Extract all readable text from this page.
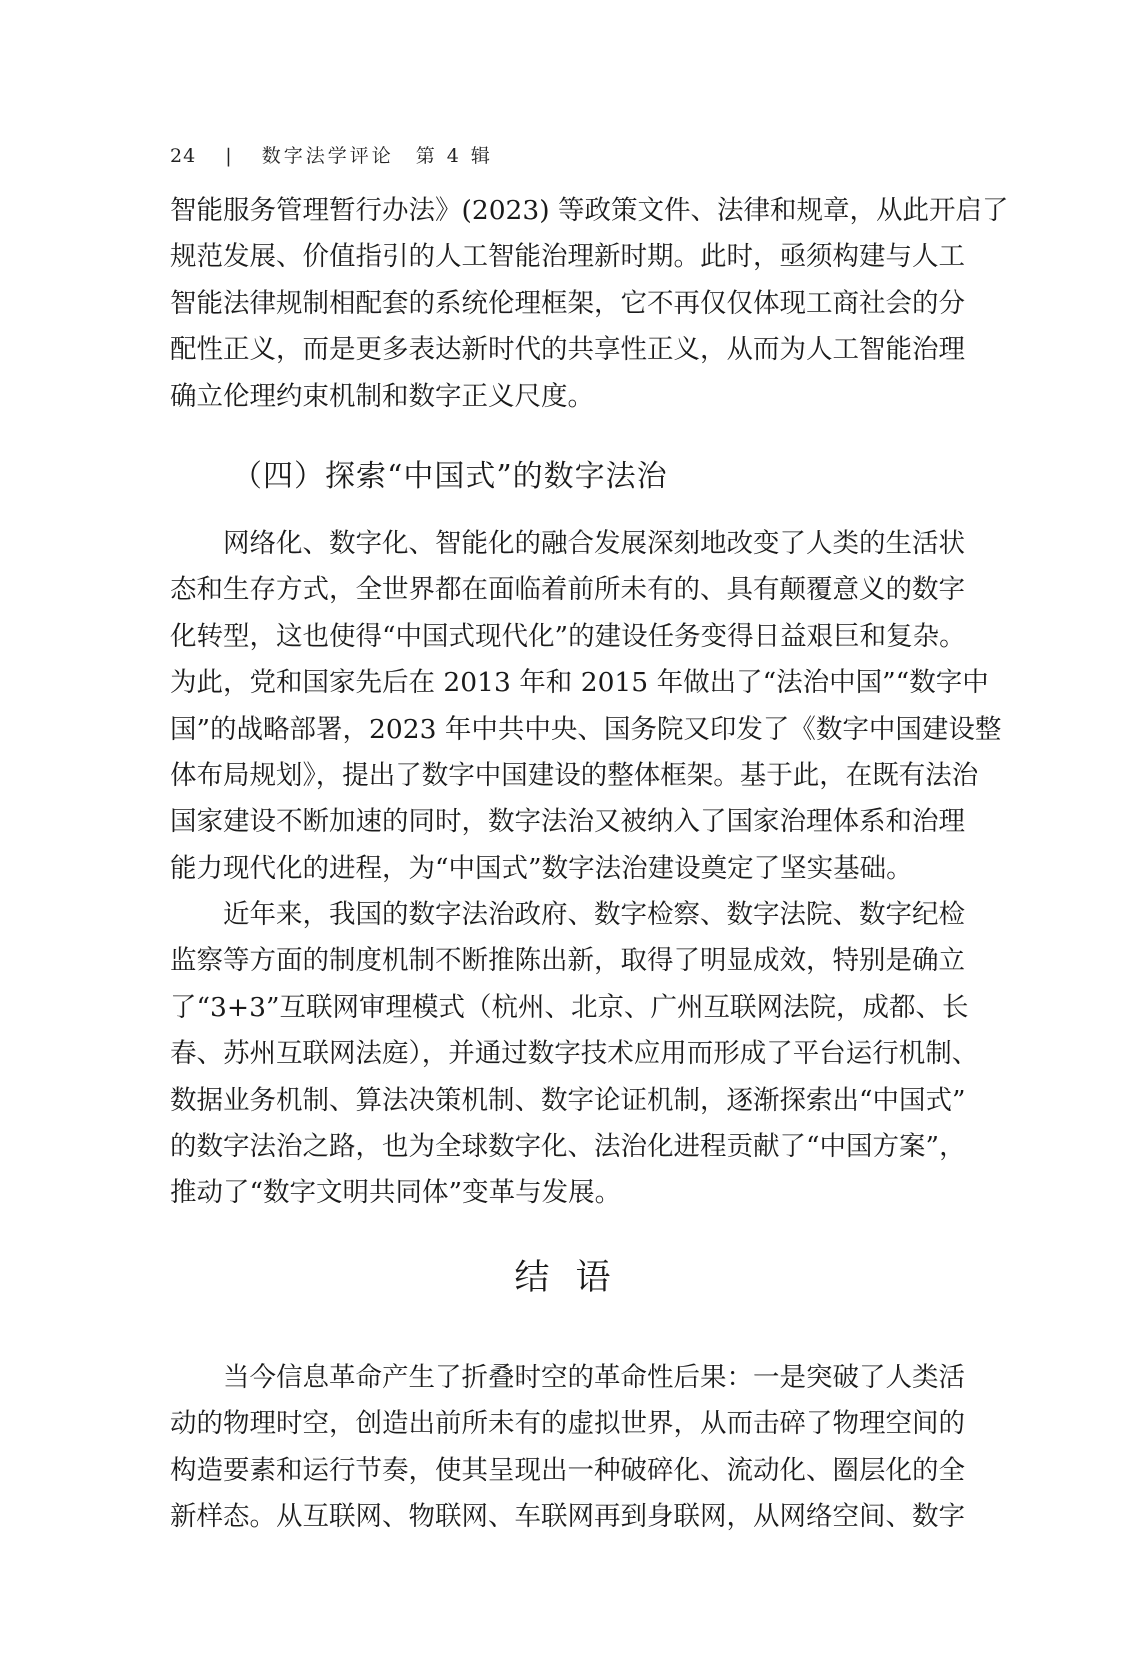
24 | 数字法学评论　第 4 辑
智能服务管理暂行办法》(2023) 等政策文件、法律和规章，从此开启了
规范发展、价值指引的人工智能治理新时期。此时，亟须构建与人工
智能法律规制相配套的系统伦理框架，它不再仅仅体现工商社会的分
配性正义，而是更多表达新时代的共享性正义，从而为人工智能治理
确立伦理约束机制和数字正义尺度。
（四）探索“中国式”的数字法治
网络化、数字化、智能化的融合发展深刻地改变了人类的生活状
态和生存方式，全世界都在面临着前所未有的、具有颠覆意义的数字
化转型，这也使得“中国式现代化”的建设任务变得日益艰巨和复杂。
为此，党和国家先后在 2013 年和 2015 年做出了“法治中国”“数字中
国”的战略部署，2023 年中共中央、国务院又印发了《数字中国建设整
体布局规划》，提出了数字中国建设的整体框架。基于此，在既有法治
国家建设不断加速的同时，数字法治又被纳入了国家治理体系和治理
能力现代化的进程，为“中国式”数字法治建设奠定了坚实基础。
近年来，我国的数字法治政府、数字检察、数字法院、数字纪检
监察等方面的制度机制不断推陈出新，取得了明显成效，特别是确立
了“3+3”互联网审理模式（杭州、北京、广州互联网法院，成都、长
春、苏州互联网法庭），并通过数字技术应用而形成了平台运行机制、
数据业务机制、算法决策机制、数字论证机制，逐渐探索出“中国式”
的数字法治之路，也为全球数字化、法治化进程贡献了“中国方案”，
推动了“数字文明共同体”变革与发展。
结语
当今信息革命产生了折叠时空的革命性后果：一是突破了人类活
动的物理时空，创造出前所未有的虚拟世界，从而击碎了物理空间的
构造要素和运行节奏，使其呈现出一种破碎化、流动化、圈层化的全
新样态。从互联网、物联网、车联网再到身联网，从网络空间、数字
